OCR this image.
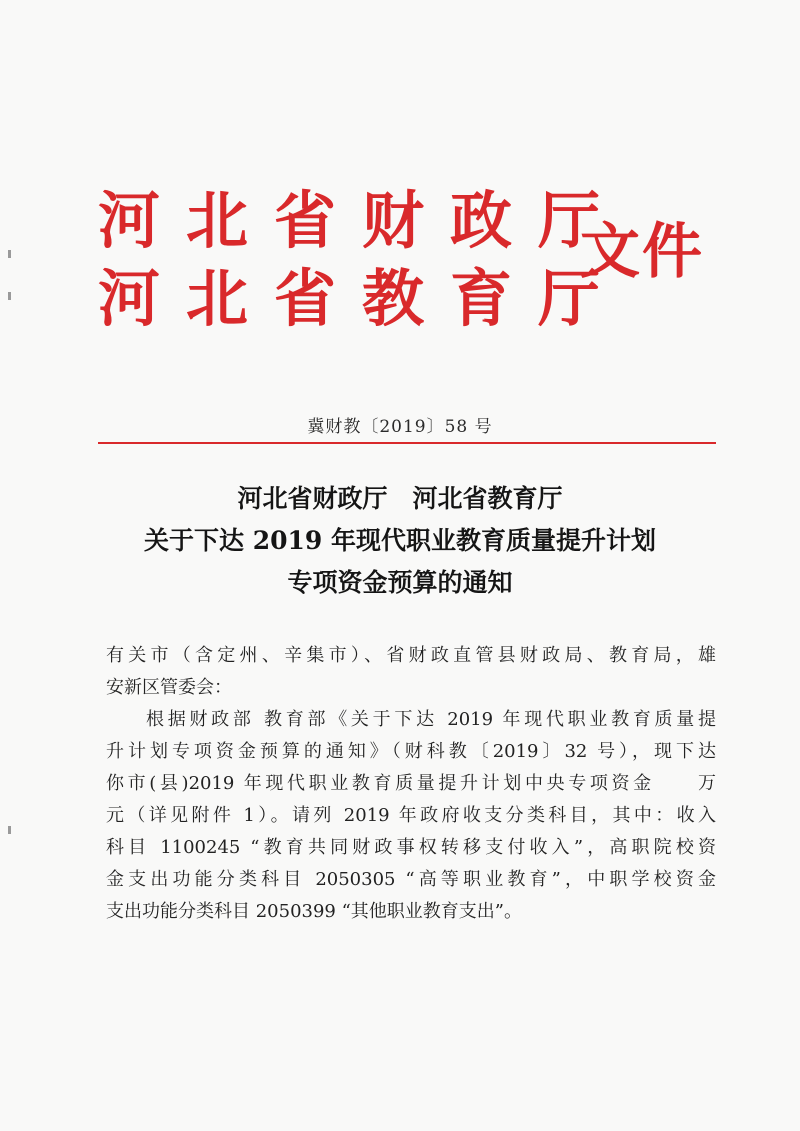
河北省财政厅
河北省教育厅
文件
冀财教〔2019〕58 号
河北省财政厅　河北省教育厅
关于下达 2019 年现代职业教育质量提升计划
专项资金预算的通知
有关市（含定州、辛集市）、省财政直管县财政局、教育局，雄
安新区管委会：
根据财政部 教育部《关于下达 2019 年现代职业教育质量提
升计划专项资金预算的通知》（财科教〔2019〕32 号），现下达
你市(县)2019 年现代职业教育质量提升计划中央专项资金　　万
元（详见附件 1）。请列 2019 年政府收支分类科目，其中：收入
科目 1100245 “教育共同财政事权转移支付收入”，高职院校资
金支出功能分类科目 2050305 “高等职业教育”，中职学校资金
支出功能分类科目 2050399 “其他职业教育支出”。
